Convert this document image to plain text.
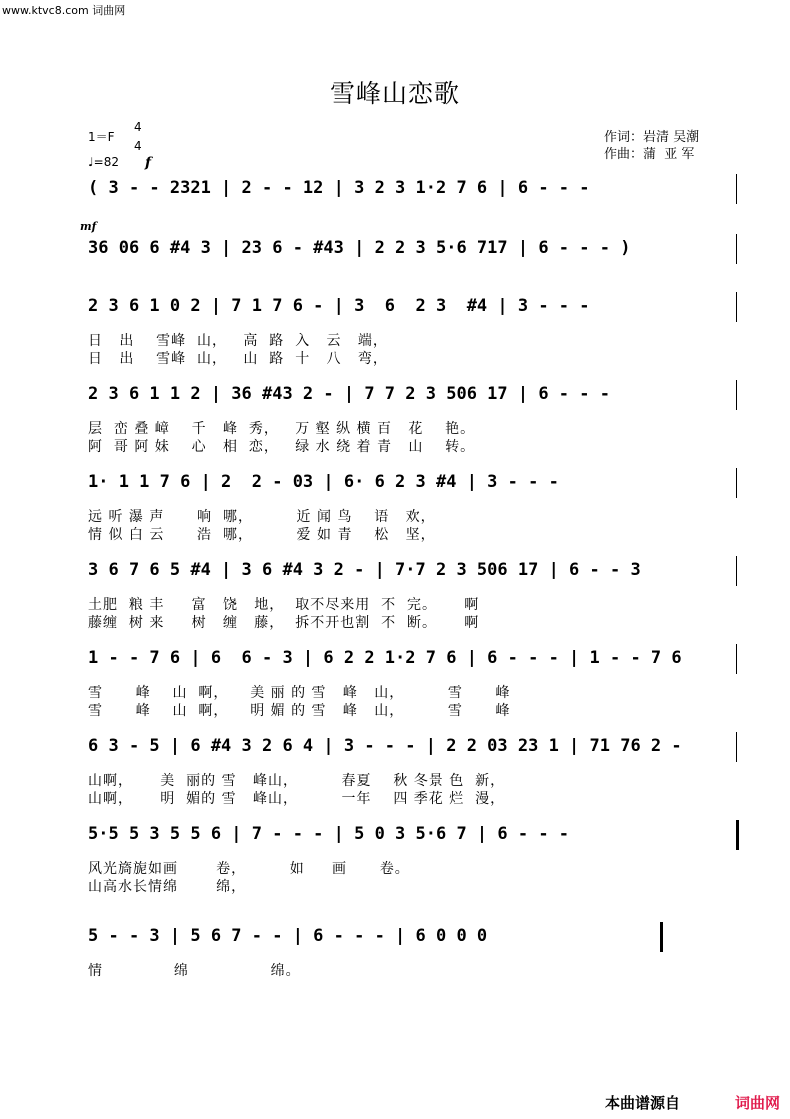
www.ktvc8.com 词曲网
雪峰山恋歌
1＝F
4
4
♩=82 f
作词：岩清 吴潮
作曲：蒲  亚 军
mf
( 3 - - 2321 | 2 - - 12 | 3 2 3 1·2 7 6 | 6 - - -
36 06 6 #4 3 | 23 6 - #43 | 2 2 3 5·6 717 | 6 - - - )
2 3 6 1 0 2 | 7 1 7 6 - | 3  6  2 3  #4 | 3 - - -
日   出    雪峰  山，   高  路  入   云   端，
日   出    雪峰  山，   山  路  十   八   弯，
2 3 6 1 1 2 | 36 #43 2 - | 7 7 2 3 506 17 | 6 - - -
层  峦 叠 嶂    千   峰  秀，   万 壑 纵 横 百   花    艳。
阿  哥 阿 妹    心   相  恋，   绿 水 绕 着 青   山    转。
1· 1 1 7 6 | 2  2 - 03 | 6· 6 2 3 #4 | 3 - - -
远 听 瀑 声      响  哪，        近 闻 鸟    语   欢，
情 似 白 云      浩  哪，        爱 如 青    松   坚，
3 6 7 6 5 #4 | 3 6 #4 3 2 - | 7·7 2 3 506 17 | 6 - - 3
土肥  粮 丰     富   饶   地，  取不尽来用  不  完。     啊
藤缠  树 来     树   缠   藤，  拆不开也割  不  断。     啊
1 - - 7 6 | 6  6 - 3 | 6 2 2 1·2 7 6 | 6 - - - | 1 - - 7 6
雪      峰    山  啊，    美 丽 的 雪   峰   山，        雪      峰
雪      峰    山  啊，    明 媚 的 雪   峰   山，        雪      峰
6 3 - 5 | 6 #4 3 2 6 4 | 3 - - - | 2 2 03 23 1 | 71 76 2 -
山啊，     美  丽的 雪   峰山，        春夏    秋 冬景 色  新，
山啊，     明  媚的 雪   峰山，        一年    四 季花 烂  漫，
5·5 5 3 5 5 6 | 7 - - - | 5 0 3 5·6 7 | 6 - - -
风光旖旎如画       卷，        如     画      卷。
山高水长情绵       绵，
5 - - 3 | 5 6 7 - - | 6 - - - | 6 0 0 0
情             绵               绵。

本曲谱源自	词曲网
